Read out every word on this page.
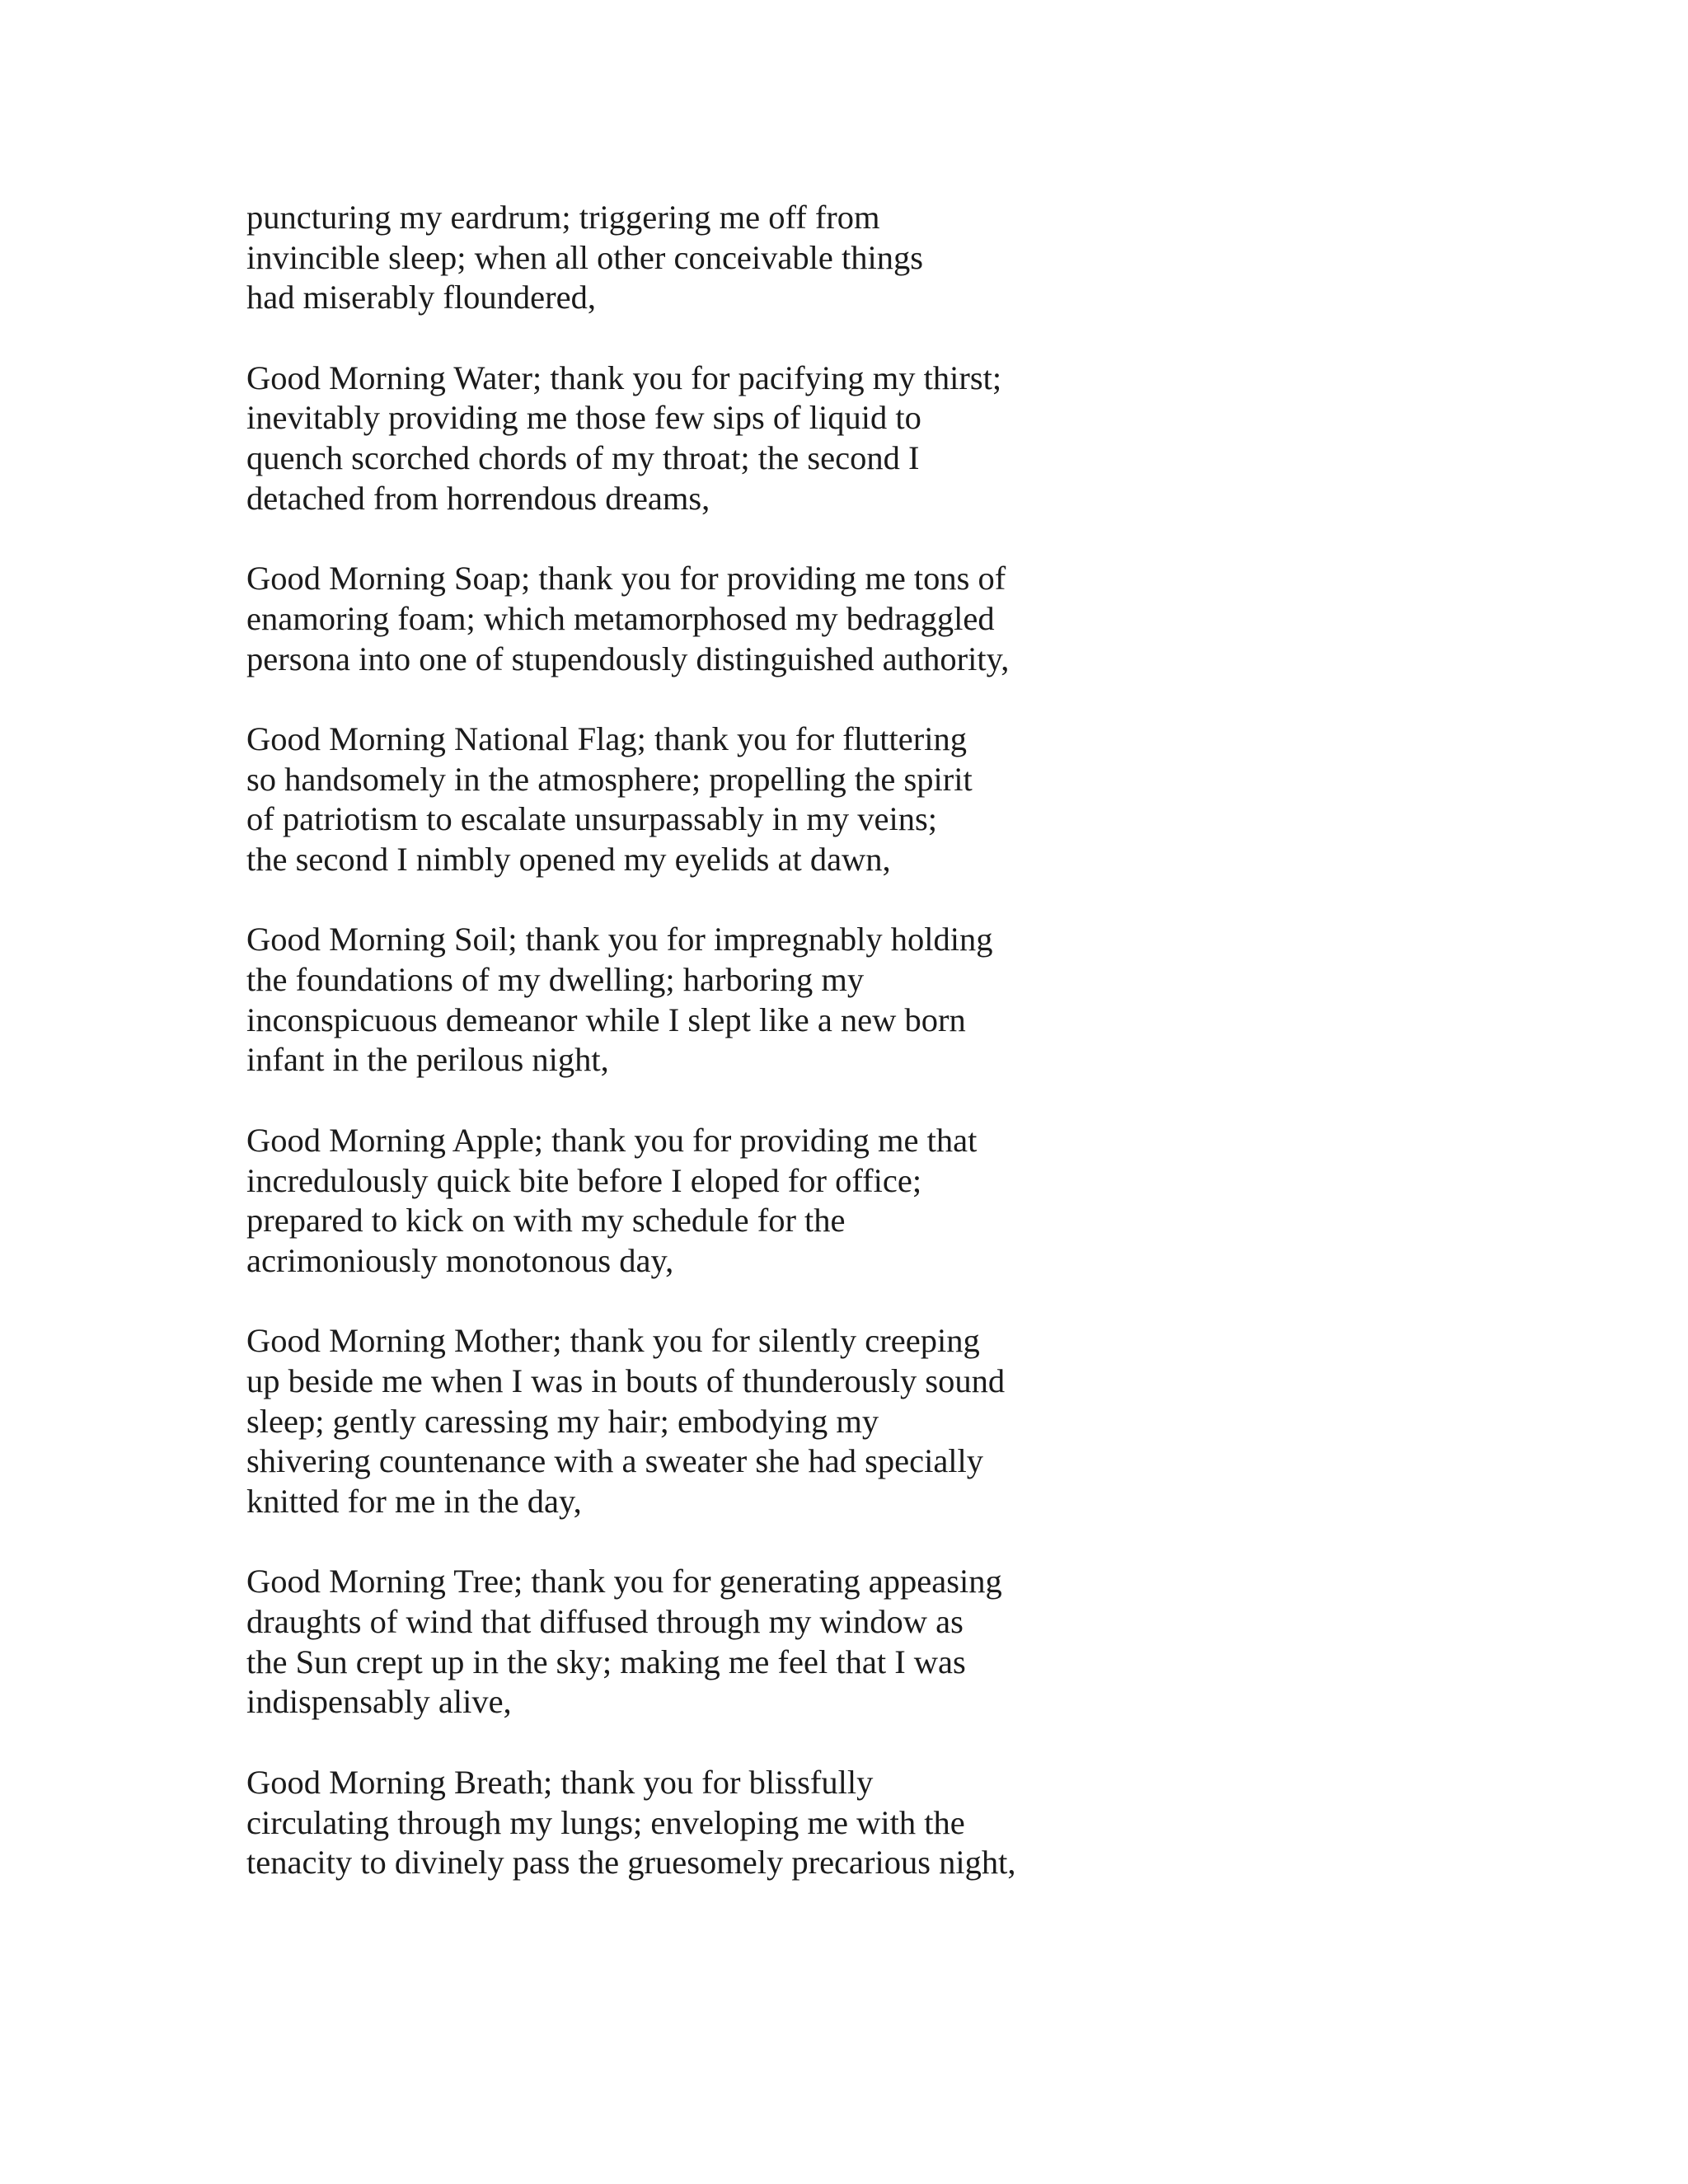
puncturing my eardrum; triggering me off from
invincible sleep; when all other conceivable things
had miserably floundered,
Good Morning Water; thank you for pacifying my thirst;
inevitably providing me those few sips of liquid to
quench scorched chords of my throat; the second I
detached from horrendous dreams,
Good Morning Soap; thank you for providing me tons of
enamoring foam; which metamorphosed my bedraggled
persona into one of stupendously distinguished authority,
Good Morning National Flag; thank you for fluttering
so handsomely in the atmosphere; propelling the spirit
of patriotism to escalate unsurpassably in my veins;
the second I nimbly opened my eyelids at dawn,
Good Morning Soil; thank you for impregnably holding
the foundations of my dwelling; harboring my
inconspicuous demeanor while I slept like a new born
infant in the perilous night,
Good Morning Apple; thank you for providing me that
incredulously quick bite before I eloped for office;
prepared to kick on with my schedule for the
acrimoniously monotonous day,
Good Morning Mother; thank you for silently creeping
up beside me when I was in bouts of thunderously sound
sleep; gently caressing my hair; embodying my
shivering countenance with a sweater she had specially
knitted for me in the day,
Good Morning Tree; thank you for generating appeasing
draughts of wind that diffused through my window as
the Sun crept up in the sky; making me feel that I was
indispensably alive,
Good Morning Breath; thank you for blissfully
circulating through my lungs; enveloping me with the
tenacity to divinely pass the gruesomely precarious night,
